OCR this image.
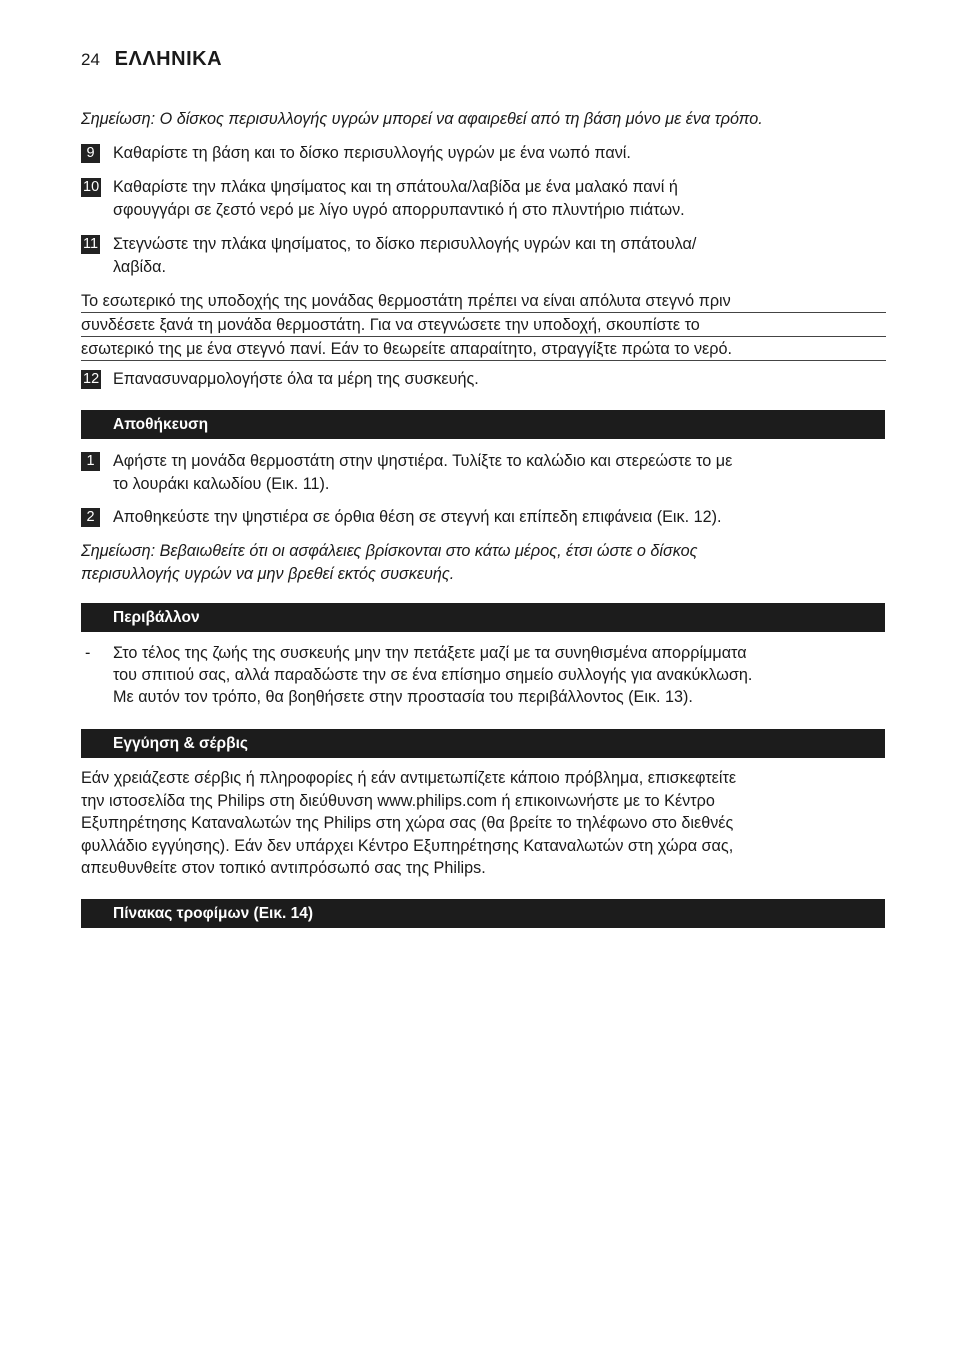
24 ΕΛΛΗΝΙΚΑ
Σημείωση: Ο δίσκος περισυλλογής υγρών μπορεί να αφαιρεθεί από τη βάση μόνο με ένα τρόπο.
9	Καθαρίστε τη βάση και το δίσκο περισυλλογής υγρών με ένα νωπό πανί.
10 Καθαρίστε την πλάκα ψησίματος και τη σπάτουλα/λαβίδα με ένα μαλακό πανί ή
σφουγγάρι σε ζεστό νερό με λίγο υγρό απορρυπαντικό ή στο πλυντήριο πιάτων.
11 Στεγνώστε την πλάκα ψησίματος, το δίσκο περισυλλογής υγρών και τη σπάτουλα/
λαβίδα.
Το εσωτερικό της υποδοχής της μονάδας θερμοστάτη πρέπει να είναι απόλυτα στεγνό πριν
συνδέσετε ξανά τη μονάδα θερμοστάτη. Για να στεγνώσετε την υποδοχή, σκουπίστε το
εσωτερικό της με ένα στεγνό πανί. Εάν το θεωρείτε απαραίτητο, στραγγίξτε πρώτα το νερό.
12 Επανασυναρμολογήστε όλα τα μέρη της συσκευής.
Αποθήκευση
1	Αφήστε τη μονάδα θερμοστάτη στην ψηστιέρα. Τυλίξτε το καλώδιο και στερεώστε το με
το λουράκι καλωδίου (Εικ. 11).
2	Αποθηκεύστε την ψηστιέρα σε όρθια θέση σε στεγνή και επίπεδη επιφάνεια (Εικ. 12).
Σημείωση: Βεβαιωθείτε ότι οι ασφάλειες βρίσκονται στο κάτω μέρος, έτσι ώστε ο δίσκος
περισυλλογής υγρών να μην βρεθεί εκτός συσκευής.
Περιβάλλον
- Στο τέλος της ζωής της συσκευής μην την πετάξετε μαζί με τα συνηθισμένα απορρίμματα
του σπιτιού σας, αλλά παραδώστε την σε ένα επίσημο σημείο συλλογής για ανακύκλωση.
Με αυτόν τον τρόπο, θα βοηθήσετε στην προστασία του περιβάλλοντος (Εικ. 13).
Εγγύηση & σέρβις
Εάν χρειάζεστε σέρβις ή πληροφορίες ή εάν αντιμετωπίζετε κάποιο πρόβλημα, επισκεφτείτε
την ιστοσελίδα της Philips στη διεύθυνση www.philips.com ή επικοινωνήστε με το Κέντρο
Εξυπηρέτησης Καταναλωτών της Philips στη χώρα σας (θα βρείτε το τηλέφωνο στο διεθνές
φυλλάδιο εγγύησης). Εάν δεν υπάρχει Κέντρο Εξυπηρέτησης Καταναλωτών στη χώρα σας,
απευθυνθείτε στον τοπικό αντιπρόσωπό σας της Philips.
Πίνακας τροφίμων (Εικ. 14)
